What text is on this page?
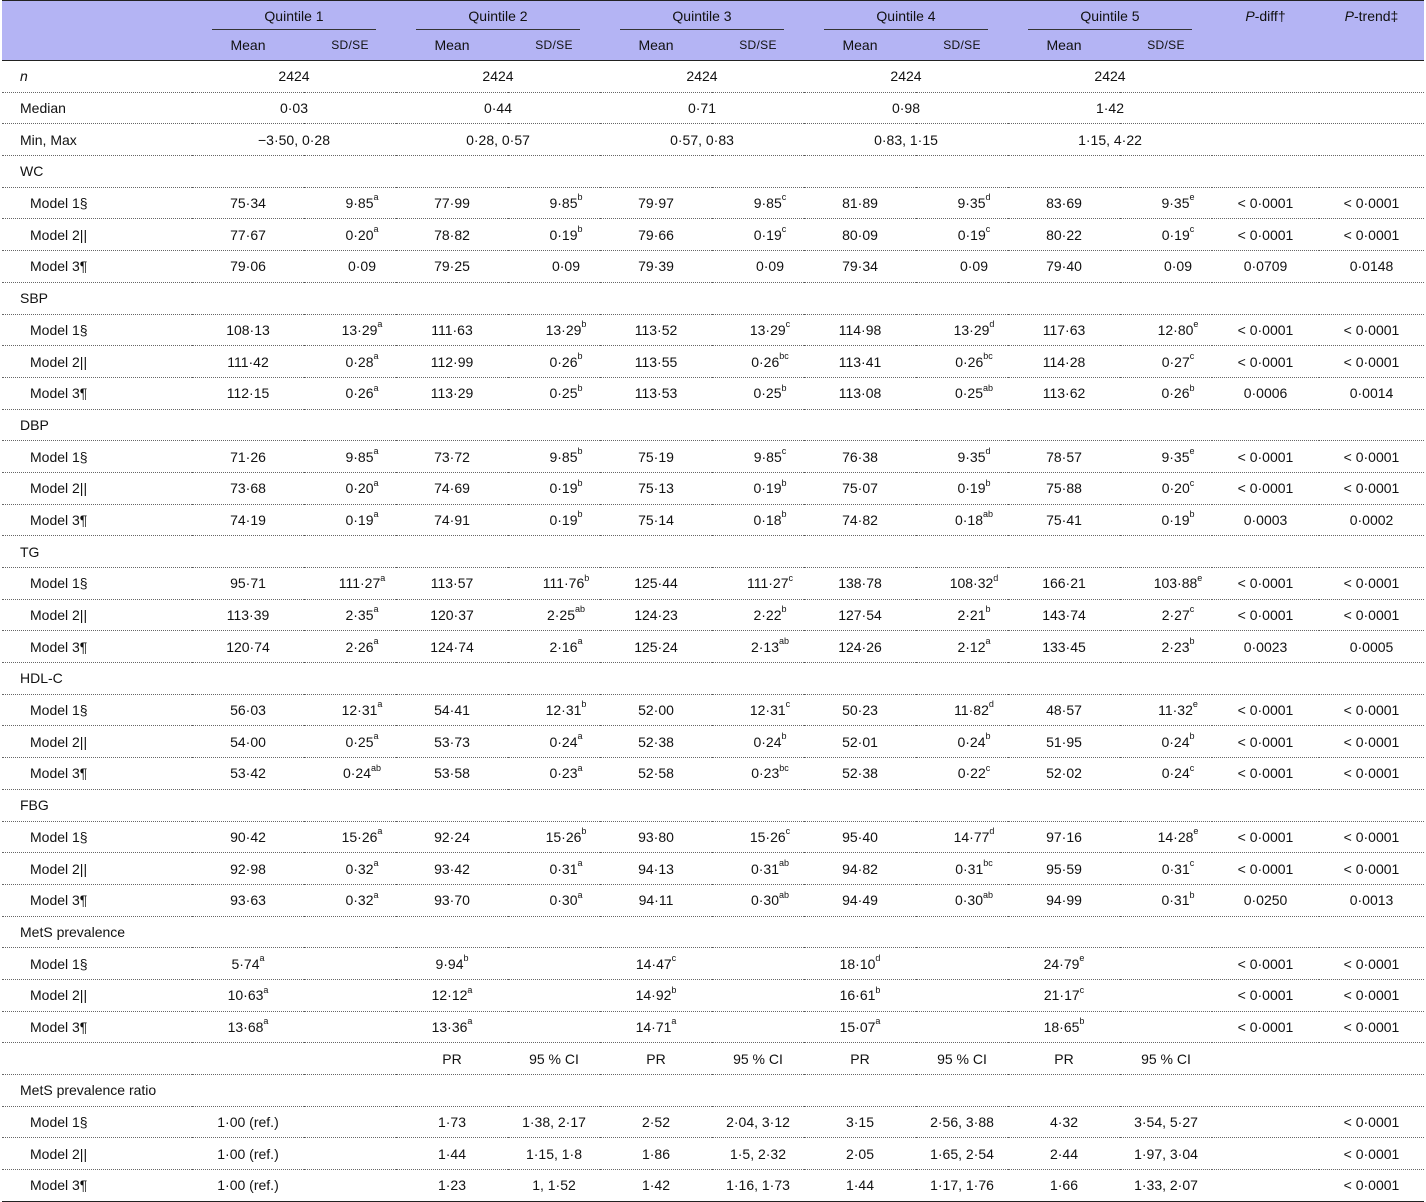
	Quintile 1		Quintile 2		Quintile 3		Quintile 4		Quintile 5		P-diff†	P-trend‡
	Mean	SD/SE	Mean	SD/SE	Mean	SD/SE	Mean	SD/SE	Mean	SD/SE		
n	2424		2424		2424		2424		2424			
Median	0·03		0·44		0·71		0·98		1·42			
Min, Max	−3·50, 0·28		0·28, 0·57		0·57, 0·83		0·83, 1·15		1·15, 4·22			
WC												
Model 1§	75·34	$9\cdot 85^a$	77·99	$9\cdot 85^b$	79·97	$9\cdot 85^c$	81·89	$9\cdot 35^d$	83·69	$9\cdot 35^e$	< 0·0001	< 0·0001
Model 2||	77·67	$0\cdot 20^a$	78·82	$0\cdot 19^b$	79·66	$0\cdot 19^c$	80·09	$0\cdot 19^c$	80·22	$0\cdot 19^c$	< 0·0001	< 0·0001
Model 3¶	79·06	0·09	79·25	0·09	79·39	0·09	79·34	0·09	79·40	0·09	0·0709	0·0148
SBP												
Model 1§	108·13	$13\cdot 29^a$	111·63	$13\cdot 29^b$	113·52	$13\cdot 29^c$	114·98	$13\cdot 29^d$	117·63	$12\cdot 80^e$	< 0·0001	< 0·0001
Model 2||	111·42	$0\cdot 28^a$	112·99	$0\cdot 26^b$	113·55	$0\cdot 26^{bc}$	113·41	$0\cdot 26^{bc}$	114·28	$0\cdot 27^c$	< 0·0001	< 0·0001
Model 3¶	112·15	$0\cdot 26^a$	113·29	$0\cdot 25^b$	113·53	$0\cdot 25^b$	113·08	$0\cdot 25^{ab}$	113·62	$0\cdot 26^b$	0·0006	0·0014
DBP												
Model 1§	71·26	$9\cdot 85^a$	73·72	$9\cdot 85^b$	75·19	$9\cdot 85^c$	76·38	$9\cdot 35^d$	78·57	$9\cdot 35^e$	< 0·0001	< 0·0001
Model 2||	73·68	$0\cdot 20^a$	74·69	$0\cdot 19^b$	75·13	$0\cdot 19^b$	75·07	$0\cdot 19^b$	75·88	$0\cdot 20^c$	< 0·0001	< 0·0001
Model 3¶	74·19	$0\cdot 19^a$	74·91	$0\cdot 19^b$	75·14	$0\cdot 18^b$	74·82	$0\cdot 18^{ab}$	75·41	$0\cdot 19^b$	0·0003	0·0002
TG												
Model 1§	95·71	$111\cdot 27^a$	113·57	$111\cdot 76^b$	125·44	$111\cdot 27^c$	138·78	$108\cdot 32^d$	166·21	$103\cdot 88^e$	< 0·0001	< 0·0001
Model 2||	113·39	$2\cdot 35^a$	120·37	$2\cdot 25^{ab}$	124·23	$2\cdot 22^b$	127·54	$2\cdot 21^b$	143·74	$2\cdot 27^c$	< 0·0001	< 0·0001
Model 3¶	120·74	$2\cdot 26^a$	124·74	$2\cdot 16^a$	125·24	$2\cdot 13^{ab}$	124·26	$2\cdot 12^a$	133·45	$2\cdot 23^b$	0·0023	0·0005
HDL-C												
Model 1§	56·03	$12\cdot 31^a$	54·41	$12\cdot 31^b$	52·00	$12\cdot 31^c$	50·23	$11\cdot 82^d$	48·57	$11\cdot 32^e$	< 0·0001	< 0·0001
Model 2||	54·00	$0\cdot 25^a$	53·73	$0\cdot 24^a$	52·38	$0\cdot 24^b$	52·01	$0\cdot 24^b$	51·95	$0\cdot 24^b$	< 0·0001	< 0·0001
Model 3¶	53·42	$0\cdot 24^{ab}$	53·58	$0\cdot 23^a$	52·58	$0\cdot 23^{bc}$	52·38	$0\cdot 22^c$	52·02	$0\cdot 24^c$	< 0·0001	< 0·0001
FBG												
Model 1§	90·42	$15\cdot 26^a$	92·24	$15\cdot 26^b$	93·80	$15\cdot 26^c$	95·40	$14\cdot 77^d$	97·16	$14\cdot 28^e$	< 0·0001	< 0·0001
Model 2||	92·98	$0\cdot 32^a$	93·42	$0\cdot 31^a$	94·13	$0\cdot 31^{ab}$	94·82	$0\cdot 31^{bc}$	95·59	$0\cdot 31^c$	< 0·0001	< 0·0001
Model 3¶	93·63	$0\cdot 32^a$	93·70	$0\cdot 30^a$	94·11	$0\cdot 30^{ab}$	94·49	$0\cdot 30^{ab}$	94·99	$0\cdot 31^b$	0·0250	0·0013
MetS prevalence												
Model 1§	$5\cdot 74^a$		$9\cdot 94^b$		$14\cdot 47^c$		$18\cdot 10^d$		$24\cdot 79^e$		< 0·0001	< 0·0001
Model 2||	$10\cdot 63^a$		$12\cdot 12^a$		$14\cdot 92^b$		$16\cdot 61^b$		$21\cdot 17^c$		< 0·0001	< 0·0001
Model 3¶	$13\cdot 68^a$		$13\cdot 36^a$		$14\cdot 71^a$		$15\cdot 07^a$		$18\cdot 65^b$		< 0·0001	< 0·0001
			PR	95 % CI	PR	95 % CI	PR	95 % CI	PR	95 % CI		
MetS prevalence ratio												
Model 1§	1·00 (ref.)		1·73	1·38, 2·17	2·52	2·04, 3·12	3·15	2·56, 3·88	4·32	3·54, 5·27		< 0·0001
Model 2||	1·00 (ref.)		1·44	1·15, 1·8	1·86	1·5, 2·32	2·05	1·65, 2·54	2·44	1·97, 3·04		< 0·0001
Model 3¶	1·00 (ref.)		1·23	1, 1·52	1·42	1·16, 1·73	1·44	1·17, 1·76	1·66	1·33, 2·07		< 0·0001
